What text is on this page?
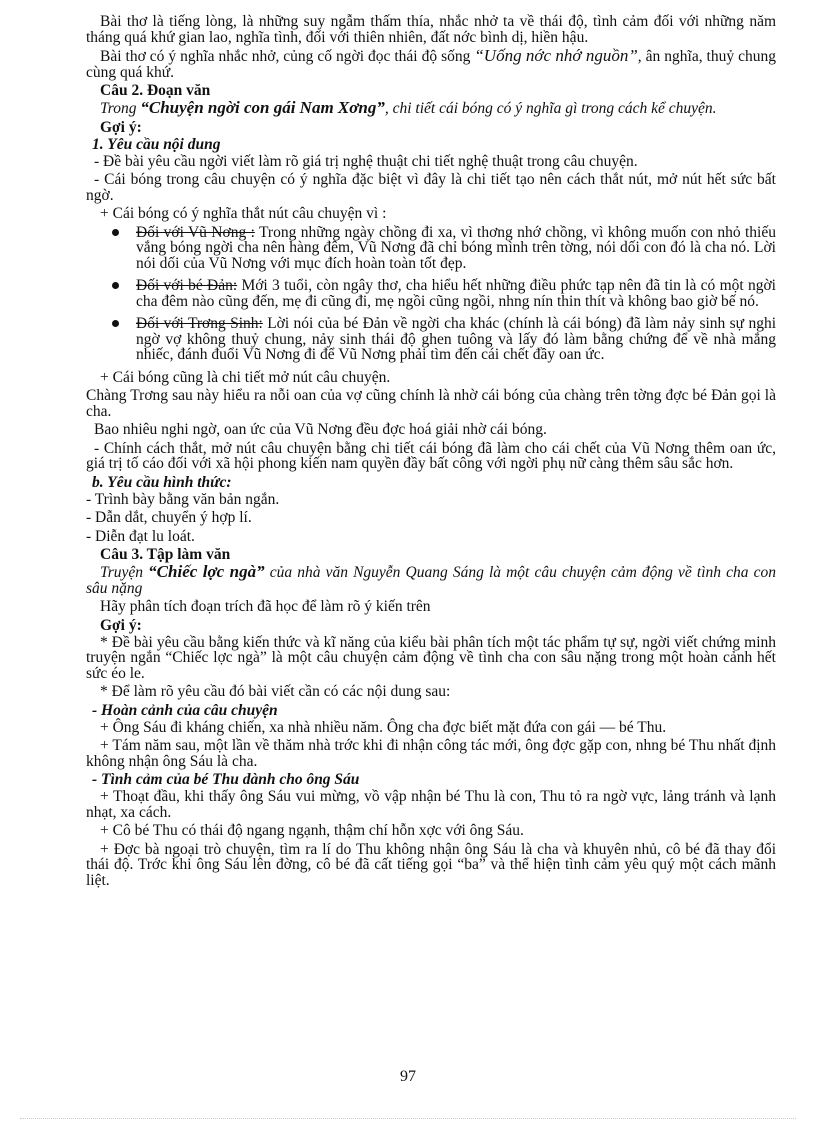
Bài thơ là tiếng lòng, là những suy ngẫm thấm thía, nhắc nhở ta về thái độ, tình cảm đối với những năm tháng quá khứ gian lao, nghĩa tình, đối với thiên nhiên, đất nớc bình dị, hiền hậu.

Bài thơ có ý nghĩa nhắc nhở, củng cố ngời đọc thái độ sống “Uống nớc nhớ nguồn”, ân nghĩa, thuỷ chung cùng quá khứ.

Câu 2. Đoạn văn

Trong “Chuyện ngời con gái Nam Xơng”, chi tiết cái bóng có ý nghĩa gì trong cách kể chuyện.

Gợi ý:

1. Yêu cầu nội dung

- Đề bài yêu cầu ngời viết làm rõ giá trị nghệ thuật chi tiết nghệ thuật trong câu chuyện.

- Cái bóng trong câu chuyện có ý nghĩa đặc biệt vì đây là chi tiết tạo nên cách thắt nút, mở nút hết sức bất ngờ.

+ Cái bóng có ý nghĩa thắt nút câu chuyện vì :

Đối với Vũ Nơng : Trong những ngày chồng đi xa, vì thơng nhớ chồng, vì không muốn con nhỏ thiếu vắng bóng ngời cha nên hàng đêm, Vũ Nơng đã chỉ bóng mình trên tờng, nói dối con đó là cha nó. Lời nói dối của Vũ Nơng với mục đích hoàn toàn tốt đẹp.
Đối với bé Đản: Mới 3 tuổi, còn ngây thơ, cha hiểu hết những điều phức tạp nên đã tin là có một ngời cha đêm nào cũng đến, mẹ đi cũng đi, mẹ ngồi cũng ngồi, nhng nín thin thít và không bao giờ bế nó.
Đối với Trơng Sinh: Lời nói của bé Đản về ngời cha khác (chính là cái bóng) đã làm nảy sinh sự nghi ngờ vợ không thuỷ chung, nảy sinh thái độ ghen tuông và lấy đó làm bằng chứng để về nhà mắng nhiếc, đánh đuổi Vũ Nơng đi để Vũ Nơng phải tìm đến cái chết đầy oan ức.

+ Cái bóng cũng là chi tiết mở nút câu chuyện.

Chàng Trơng sau này hiểu ra nỗi oan của vợ cũng chính là nhờ cái bóng của chàng trên tờng đợc bé Đản gọi là cha.

Bao nhiêu nghi ngờ, oan ức của Vũ Nơng đều đợc hoá giải nhờ cái bóng.

- Chính cách thắt, mở nút câu chuyện bằng chi tiết cái bóng đã làm cho cái chết của Vũ Nơng thêm oan ức, giá trị tố cáo đối với xã hội phong kiến nam quyền đầy bất công với ngời phụ nữ càng thêm sâu sắc hơn.

b. Yêu cầu hình thức:

- Trình bày bằng văn bản ngắn.

- Dẫn dắt, chuyển ý hợp lí.

- Diễn đạt lu loát.

Câu 3. Tập làm văn

Truyện “Chiếc lợc ngà” của nhà văn Nguyễn Quang Sáng là một câu chuyện cảm động về tình cha con sâu nặng

Hãy phân tích đoạn trích đã học để làm rõ ý kiến trên

Gợi ý:

* Đề bài yêu cầu bằng kiến thức và kĩ năng của kiểu bài phân tích một tác phẩm tự sự, ngời viết chứng minh truyện ngắn “Chiếc lợc ngà” là một câu chuyện cảm động về tình cha con sâu nặng trong một hoàn cảnh hết sức éo le.

* Để làm rõ yêu cầu đó bài viết cần có các nội dung sau:

- Hoàn cảnh của câu chuyện

+ Ông Sáu đi kháng chiến, xa nhà nhiều năm. Ông cha đợc biết mặt đứa con gái — bé Thu.

+ Tám năm sau, một lần về thăm nhà trớc khi đi nhận công tác mới, ông đợc gặp con, nhng bé Thu nhất định không nhận ông Sáu là cha.

- Tình cảm của bé Thu dành cho ông Sáu

+ Thoạt đầu, khi thấy ông Sáu vui mừng, vồ vập nhận bé Thu là con, Thu tỏ ra ngờ vực, lảng tránh và lạnh nhạt, xa cách.

+ Cô bé Thu có thái độ ngang ngạnh, thậm chí hỗn xợc với ông Sáu.

+ Đợc bà ngoại trò chuyện, tìm ra lí do Thu không nhận ông Sáu là cha và khuyên nhủ, cô bé đã thay đổi thái độ. Trớc khi ông Sáu lên đờng, cô bé đã cất tiếng gọi “ba” và thể hiện tình cảm yêu quý một cách mãnh liệt.

97
